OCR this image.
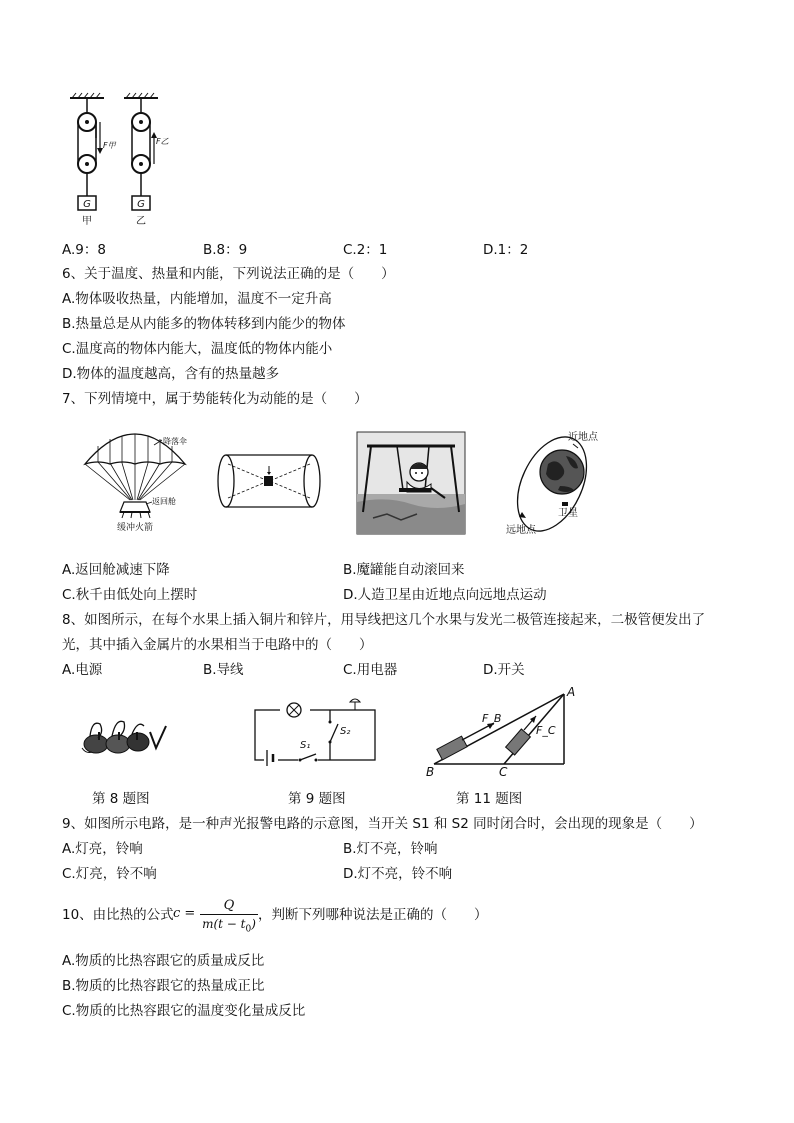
G
F甲
甲
G
F乙
乙
A.9：8	B.8：9	C.2：1	D.1：2
6、关于温度、热量和内能，下列说法正确的是（　　）
A.物体吸收热量，内能增加，温度不一定升高
B.热量总是从内能多的物体转移到内能少的物体
C.温度高的物体内能大，温度低的物体内能小
D.物体的温度越高，含有的热量越多
7、下列情境中，属于势能转化为动能的是（　　）
降落伞
返回舱
缓冲火箭
近地点
卫星
远地点
A.返回舱减速下降	B.魔罐能自动滚回来
C.秋千由低处向上摆时	D.人造卫星由近地点向远地点运动
8、如图所示，在每个水果上插入铜片和锌片，用导线把这几个水果与发光二极管连接起来，二极管便发出了
光，其中插入金属片的水果相当于电路中的（　　）
A.电源	B.导线	C.用电器	D.开关
S₁
S₂
A
B	C
F_B
F_C
第 8 题图	第 9 题图	第 11 题图
9、如图所示电路，是一种声光报警电路的示意图，当开关 S1 和 S2 同时闭合时，会出现的现象是（　　）
A.灯亮，铃响	B.灯不亮，铃响
C.灯亮，铃不响	D.灯不亮，铃不响
10、由比热的公式 $c = \frac{Q}{m(t - t_0)}$ ，判断下列哪种说法是正确的（　　）
A.物质的比热容跟它的质量成反比
B.物质的比热容跟它的热量成正比
C.物质的比热容跟它的温度变化量成反比
